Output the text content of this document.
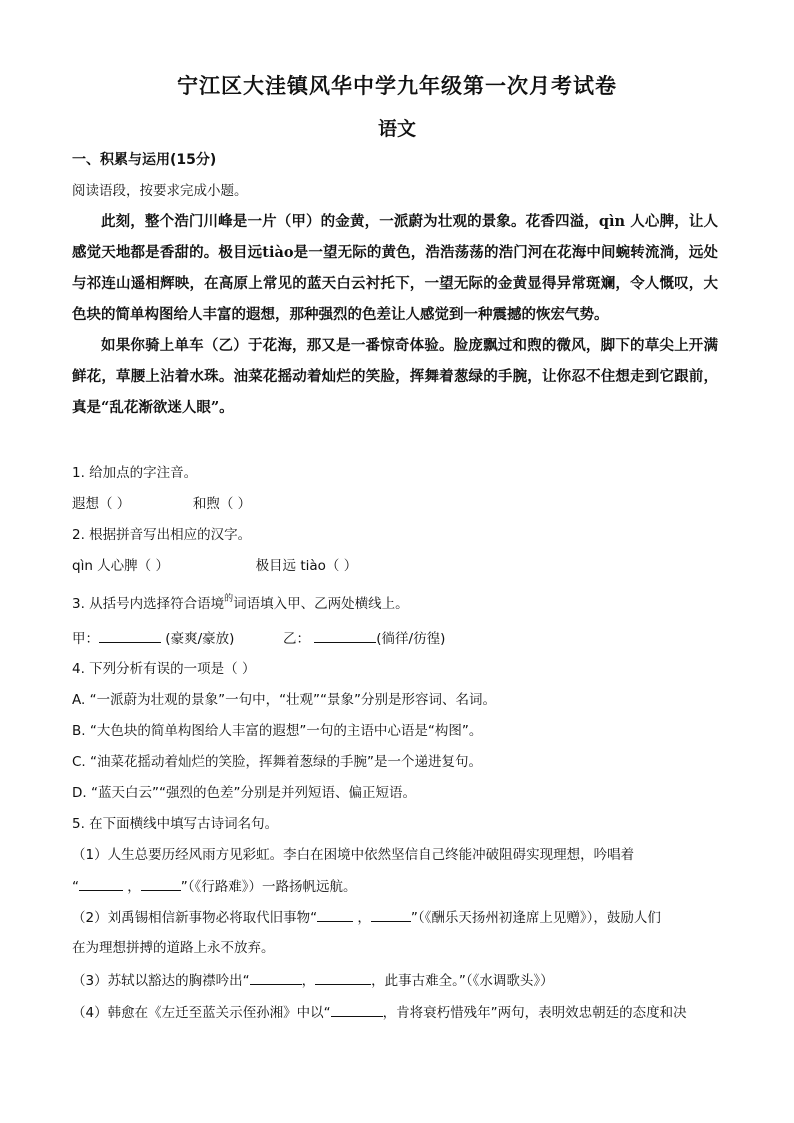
宁江区大洼镇风华中学九年级第一次月考试卷
语文
一、积累与运用(15分)
阅读语段，按要求完成小题。

此刻，整个浩门川峰是一片（甲）的金黄，一派蔚为壮观的景象。花香四溢，qìn 人心脾，让人感觉天地都是香甜的。极目远tiào是一望无际的黄色，浩浩荡荡的浩门河在花海中间蜿转流淌，远处与祁连山遥相辉映，在高原上常见的蓝天白云衬托下，一望无际的金黄显得异常斑斓，令人慨叹，大色块的简单构图给人丰富的遐想，那种强烈的色差让人感觉到一种震撼的恢宏气势。

如果你骑上单车（乙）于花海，那又是一番惊奇体验。脸庞飘过和煦的微风，脚下的草尖上开满鲜花，草腰上沾着水珠。油菜花摇动着灿烂的笑脸，挥舞着葱绿的手腕，让你忍不住想走到它跟前，真是“乱花渐欲迷人眼”。

1. 给加点的字注音。
遐想（ ）	和煦（ ）
2. 根据拼音写出相应的汉字。
qìn 人心脾（ ）	极目远 tiào（ ）
3. 从括号内选择符合语境$^的$词语填入甲、乙两处横线上。
甲：	(豪爽/豪放)	乙：	(徜徉/彷徨)
4. 下列分析有误的一项是（ ）
A. “一派蔚为壮观的景象”一句中，“壮观”“景象”分别是形容词、名词。
B. “大色块的简单构图给人丰富的遐想”一句的主语中心语是“构图”。
C. “油菜花摇动着灿烂的笑脸，挥舞着葱绿的手腕”是一个递进复句。
D. “蓝天白云”“强烈的色差”分别是并列短语、偏正短语。
5. 在下面横线中填写古诗词名句。
（1）人生总要历经风雨方见彩虹。李白在困境中依然坚信自己终能冲破阻碍实现理想，吟唱着
“	，	”（《行路难》）一路扬帆远航。
（2）刘禹锡相信新事物必将取代旧事物“	，	”（《酬乐天扬州初逢席上见赠》），鼓励人们
在为理想拼搏的道路上永不放弃。
（3）苏轼以豁达的胸襟吟出“	，	，此事古难全。”（《水调歌头》）
（4）韩愈在《左迁至蓝关示侄孙湘》中以“	，肯将衰朽惜残年”两句，表明效忠朝廷的态度和决
